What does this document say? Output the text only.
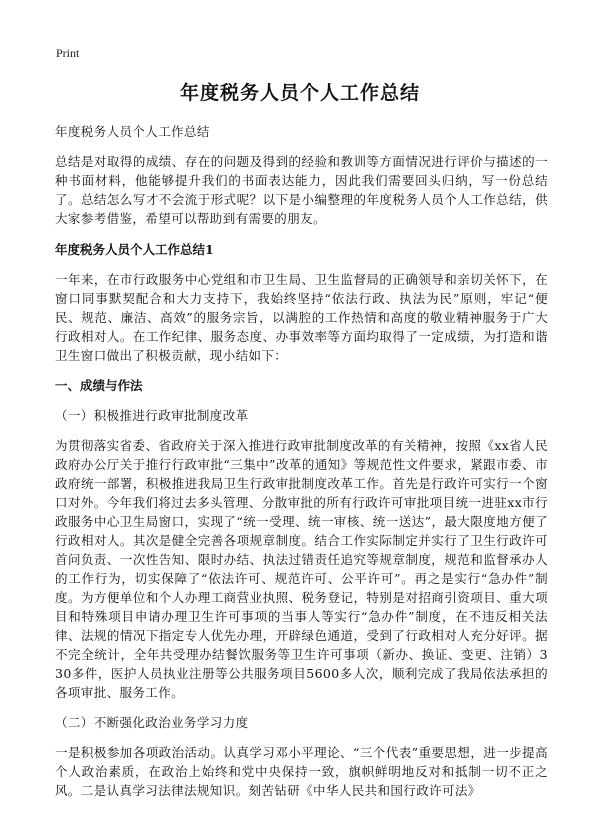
Print
年度税务人员个人工作总结

年度税务人员个人工作总结

总结是对取得的成绩、存在的问题及得到的经验和教训等方面情况进行评价与描述的一种书面材料，他能够提升我们的书面表达能力，因此我们需要回头归纳，写一份总结了。总结怎么写才不会流于形式呢？以下是小编整理的年度税务人员个人工作总结，供大家参考借鉴，希望可以帮助到有需要的朋友。

年度税务人员个人工作总结1

一年来，在市行政服务中心党组和市卫生局、卫生监督局的正确领导和亲切关怀下，在窗口同事默契配合和大力支持下，我始终坚持“依法行政、执法为民”原则，牢记“便民、规范、廉洁、高效”的服务宗旨，以满腔的工作热情和高度的敬业精神服务于广大行政相对人。在工作纪律、服务态度、办事效率等方面均取得了一定成绩，为打造和谐卫生窗口做出了积极贡献，现小结如下：

一、成绩与作法

（一）积极推进行政审批制度改革

为贯彻落实省委、省政府关于深入推进行政审批制度改革的有关精神，按照《xx省人民政府办公厅关于推行行政审批“三集中”改革的通知》等规范性文件要求，紧跟市委、市政府统一部署，积极推进我局卫生行政审批制度改革工作。首先是行政许可实行一个窗口对外。今年我们将过去多头管理、分散审批的所有行政许可审批项目统一进驻xx市行政服务中心卫生局窗口，实现了“统一受理、统一审核、统一送达”，最大限度地方便了行政相对人。其次是健全完善各项规章制度。结合工作实际制定并实行了卫生行政许可首问负责、一次性告知、限时办结、执法过错责任追究等规章制度，规范和监督承办人的工作行为，切实保障了“依法许可、规范许可、公平许可”。再之是实行“急办件”制度。为方便单位和个人办理工商营业执照、税务登记，特别是对招商引资项目、重大项目和特殊项目申请办理卫生许可事项的当事人等实行“急办件”制度，在不违反相关法律、法规的情况下指定专人优先办理，开辟绿色通道，受到了行政相对人充分好评。据不完全统计，全年共受理办结餐饮服务等卫生许可事项（新办、换证、变更、注销）330多件，医护人员执业注册等公共服务项目5600多人次，顺利完成了我局依法承担的各项审批、服务工作。

（二）不断强化政治业务学习力度

一是积极参加各项政治活动。认真学习邓小平理论、“三个代表”重要思想，进一步提高个人政治素质，在政治上始终和党中央保持一致，旗帜鲜明地反对和抵制一切不正之风。二是认真学习法律法规知识。刻苦钻研《中华人民共和国行政许可法》
